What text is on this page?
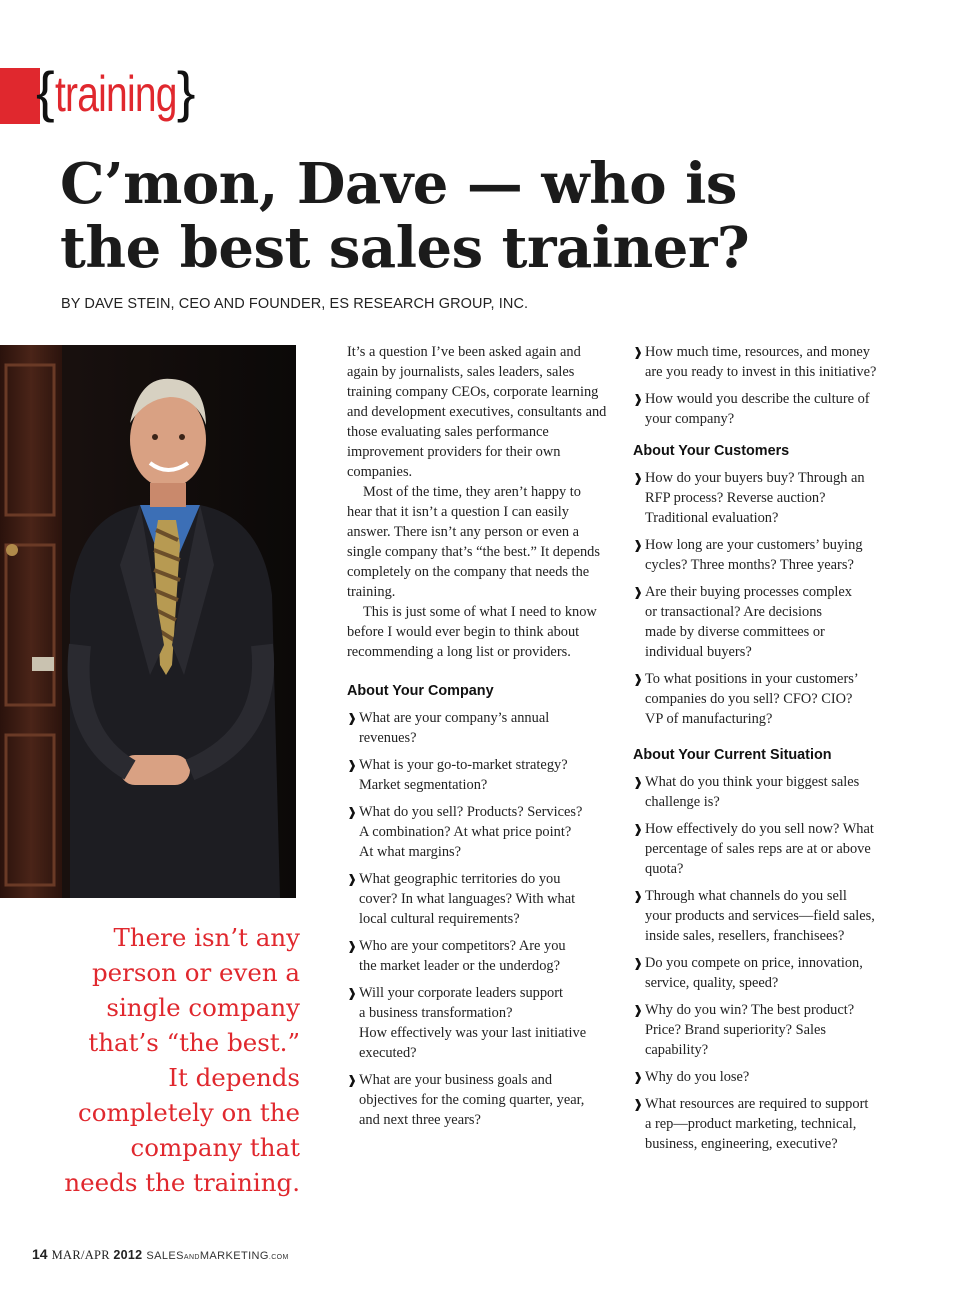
{ training }
C’mon, Dave — who is
the best sales trainer?
BY DAVE STEIN, CEO AND FOUNDER, ES RESEARCH GROUP, INC.
There isn’t any
person or even a
single company
that’s “the best.”
It depends
completely on the
company that
needs the training.

It’s a question I’ve been asked again and again by journalists, sales leaders, sales training company CEOs, corporate learning and development executives, consultants and those evaluating sales performance improvement providers for their own companies.

Most of the time, they aren’t happy to hear that it isn’t a question I can easily answer. There isn’t any person or even a single company that’s “the best.” It depends completely on the company that needs the training.

This is just some of what I need to know before I would ever begin to think about recommending a long list or providers.

About Your Company
❱ What are your company’s annual
revenues?
❱ What is your go-to-market strategy?
Market segmentation?
❱ What do you sell? Products? Services?
A combination? At what price point?
At what margins?
❱ What geographic territories do you
cover? In what languages? With what
local cultural requirements?
❱ Who are your competitors? Are you
the market leader or the underdog?
❱ Will your corporate leaders support
a business transformation?
How effectively was your last initiative
executed?
❱ What are your business goals and
objectives for the coming quarter, year,
and next three years?
❱ How much time, resources, and money
are you ready to invest in this initiative?
❱ How would you describe the culture of
your company?
About Your Customers
❱ How do your buyers buy? Through an
RFP process? Reverse auction?
Traditional evaluation?
❱ How long are your customers’ buying
cycles? Three months? Three years?
❱ Are their buying processes complex
or transactional? Are decisions
made by diverse committees or
individual buyers?
❱ To what positions in your customers’
companies do you sell? CFO? CIO?
VP of manufacturing?
About Your Current Situation
❱ What do you think your biggest sales
challenge is?
❱ How effectively do you sell now? What
percentage of sales reps are at or above
quota?
❱ Through what channels do you sell
your products and services—field sales,
inside sales, resellers, franchisees?
❱ Do you compete on price, innovation,
service, quality, speed?
❱ Why do you win? The best product?
Price? Brand superiority? Sales
capability?
❱ Why do you lose?
❱ What resources are required to support
a rep—product marketing, technical,
business, engineering, executive?
14 MAR/APR 2012 SALESANDMARKETING.COM
